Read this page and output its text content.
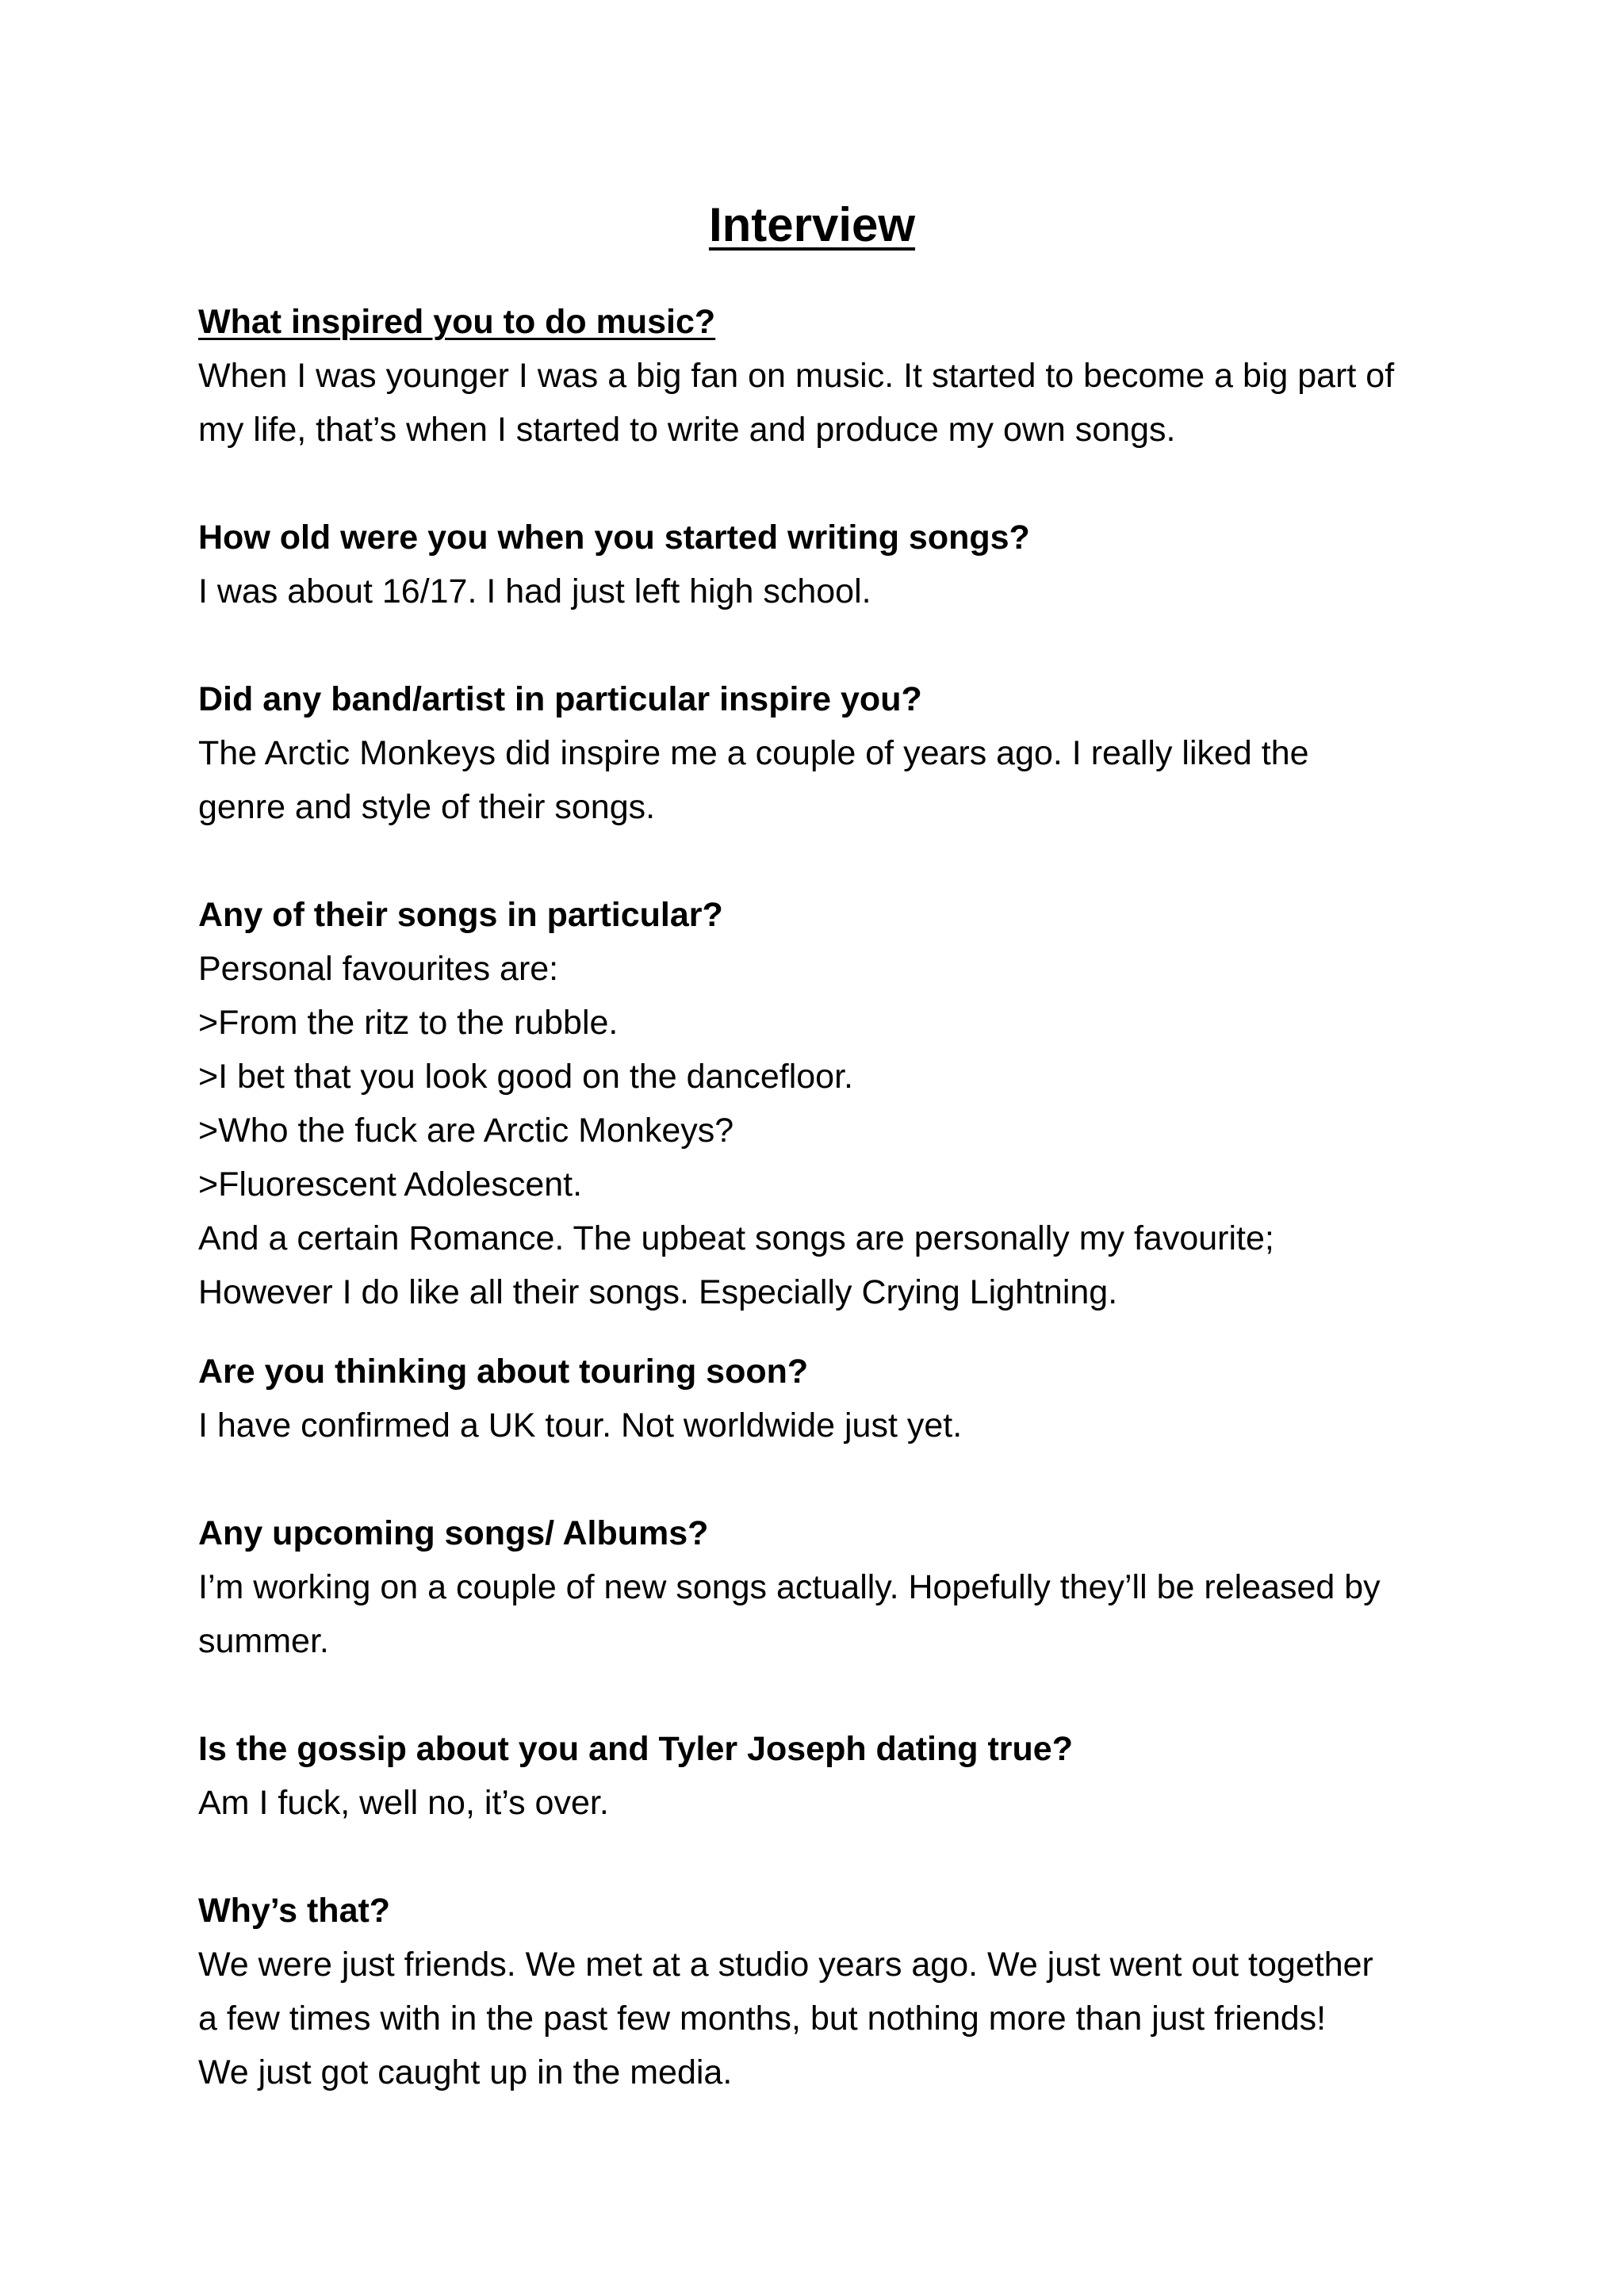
Interview

What inspired you to do music?

When I was younger I was a big fan on music. It started to become a big part of

my life, that’s when I started to write and produce my own songs.

How old were you when you started writing songs?

I was about 16/17. I had just left high school.

Did any band/artist in particular inspire you?

The Arctic Monkeys did inspire me a couple of years ago. I really liked the

genre and style of their songs.

Any of their songs in particular?

Personal favourites are:

>From the ritz to the rubble.

>I bet that you look good on the dancefloor.

>Who the fuck are Arctic Monkeys?

>Fluorescent Adolescent.

And a certain Romance. The upbeat songs are personally my favourite;

However I do like all their songs. Especially Crying Lightning.

Are you thinking about touring soon?

I have confirmed a UK tour. Not worldwide just yet.

Any upcoming songs/ Albums?

I’m working on a couple of new songs actually. Hopefully they’ll be released by

summer.

Is the gossip about you and Tyler Joseph dating true?

Am I fuck, well no, it’s over.

Why’s that?

We were just friends. We met at a studio years ago. We just went out together

a few times with in the past few months, but nothing more than just friends!

We just got caught up in the media.
